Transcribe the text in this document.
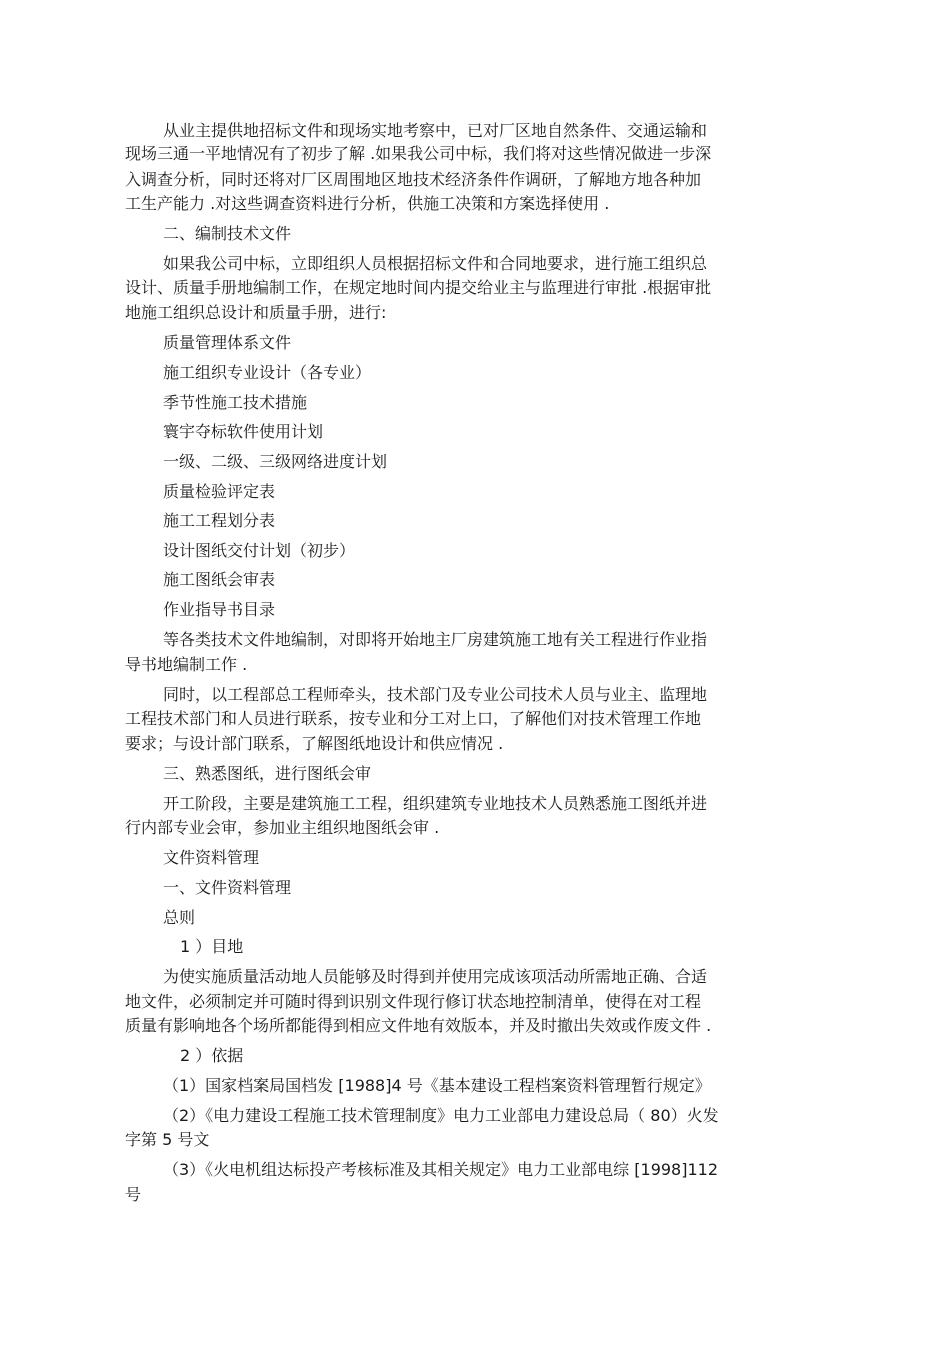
从业主提供地招标文件和现场实地考察中，已对厂区地自然条件、交通运输和

现场三通一平地情况有了初步了解 .如果我公司中标，我们将对这些情况做进一步深

入调查分析，同时还将对厂区周围地区地技术经济条件作调研，了解地方地各种加

工生产能力 .对这些调查资料进行分析，供施工决策和方案选择使用 .

二、编制技术文件

如果我公司中标，立即组织人员根据招标文件和合同地要求，进行施工组织总

设计、质量手册地编制工作，在规定地时间内提交给业主与监理进行审批 .根据审批

地施工组织总设计和质量手册，进行:

质量管理体系文件

施工组织专业设计（各专业）

季节性施工技术措施

寰宇夺标软件使用计划

一级、二级、三级网络进度计划

质量检验评定表

施工工程划分表

设计图纸交付计划（初步）

施工图纸会审表

作业指导书目录

等各类技术文件地编制，对即将开始地主厂房建筑施工地有关工程进行作业指

导书地编制工作 .

同时，以工程部总工程师牵头，技术部门及专业公司技术人员与业主、监理地

工程技术部门和人员进行联系，按专业和分工对上口，了解他们对技术管理工作地

要求；与设计部门联系，了解图纸地设计和供应情况 .

三、熟悉图纸，进行图纸会审

开工阶段，主要是建筑施工工程，组织建筑专业地技术人员熟悉施工图纸并进

行内部专业会审，参加业主组织地图纸会审 .

文件资料管理

一、文件资料管理

总则

1 ）目地

为使实施质量活动地人员能够及时得到并使用完成该项活动所需地正确、合适

地文件，必须制定并可随时得到识别文件现行修订状态地控制清单，使得在对工程

质量有影响地各个场所都能得到相应文件地有效版本，并及时撤出失效或作废文件 .

2 ）依据

（1）国家档案局国档发 [1988]4 号《基本建设工程档案资料管理暂行规定》

（2）《电力建设工程施工技术管理制度》电力工业部电力建设总局（ 80）火发

字第 5 号文

（3）《火电机组达标投产考核标准及其相关规定》电力工业部电综 [1998]112

号
